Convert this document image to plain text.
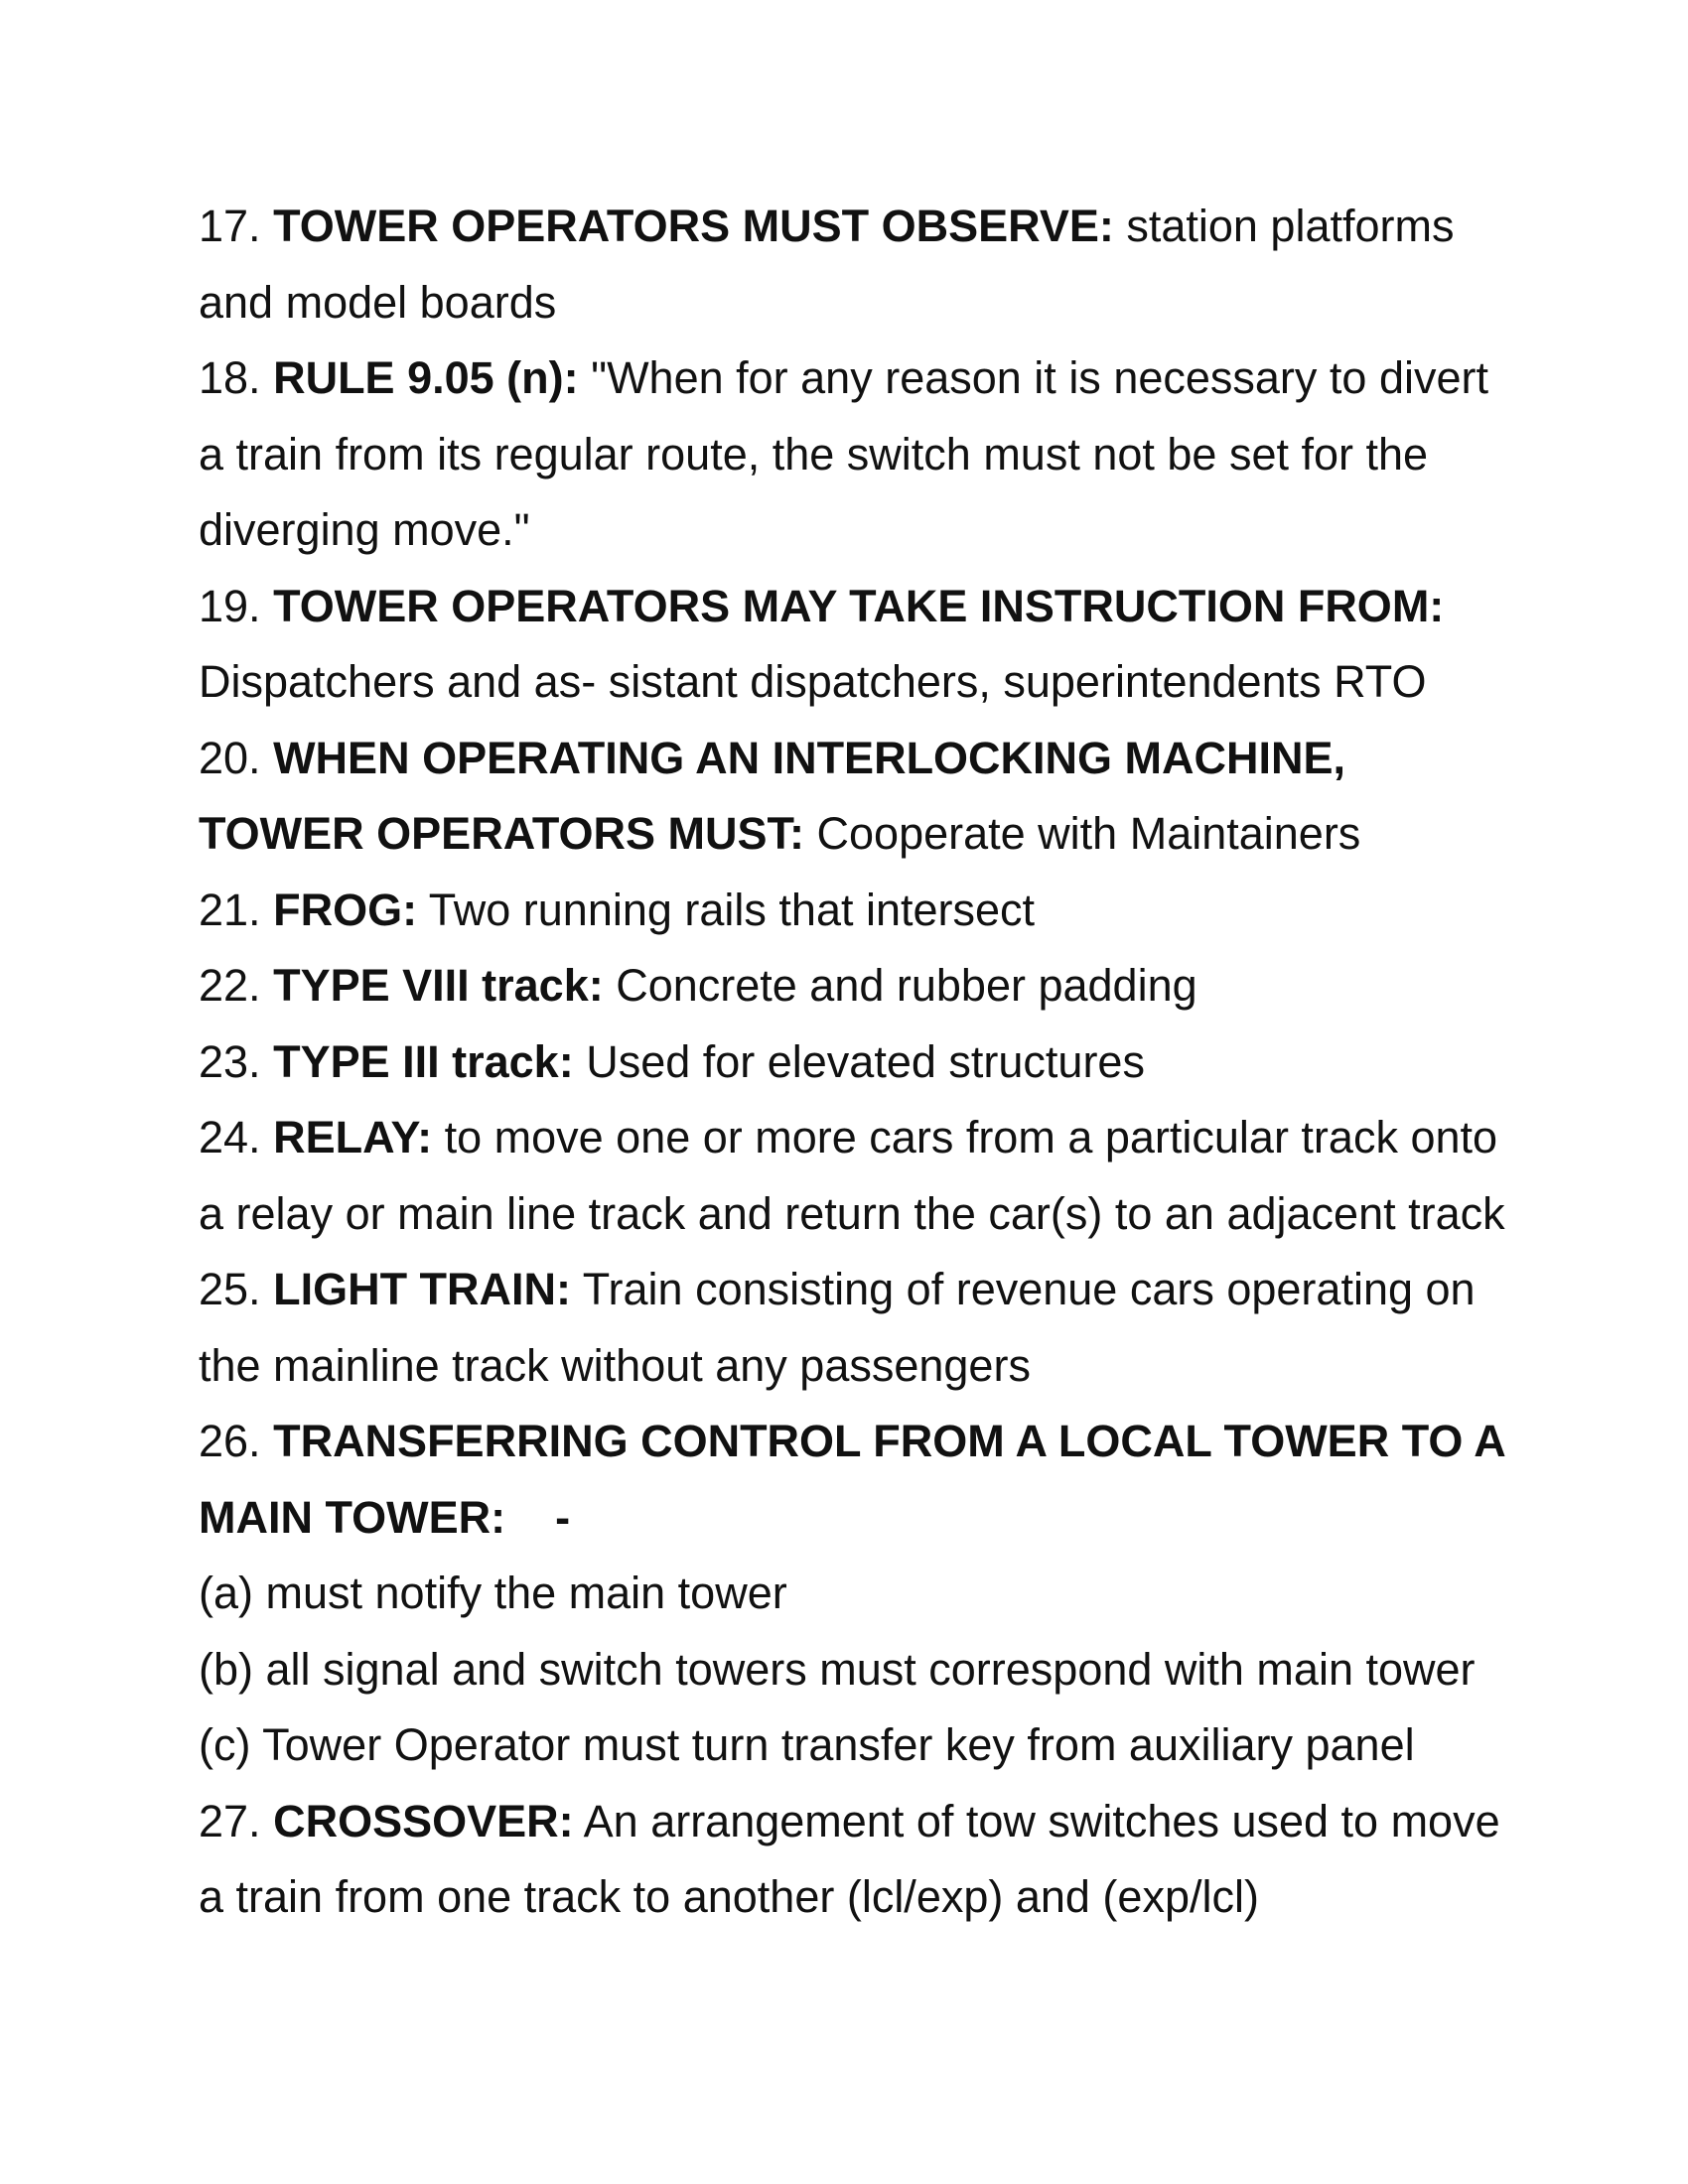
17. TOWER OPERATORS MUST OBSERVE: station platforms
and model boards
18. RULE 9.05 (n): "When for any reason it is necessary to divert
a train from its regular route, the switch must not be set for the
diverging move."
19. TOWER OPERATORS MAY TAKE INSTRUCTION FROM:
Dispatchers and as- sistant dispatchers, superintendents RTO
20. WHEN OPERATING AN INTERLOCKING MACHINE,
TOWER OPERATORS MUST: Cooperate with Maintainers
21. FROG: Two running rails that intersect
22. TYPE VIII track: Concrete and rubber padding
23. TYPE III track: Used for elevated structures
24. RELAY: to move one or more cars from a particular track onto
a relay or main line track and return the car(s) to an adjacent track
25. LIGHT TRAIN: Train consisting of revenue cars operating on
the mainline track without any passengers
26. TRANSFERRING CONTROL FROM A LOCAL TOWER TO A
MAIN TOWER:    -
(a) must notify the main tower
(b) all signal and switch towers must correspond with main tower
(c) Tower Operator must turn transfer key from auxiliary panel
27. CROSSOVER: An arrangement of tow switches used to move
a train from one track to another (lcl/exp) and (exp/lcl)
